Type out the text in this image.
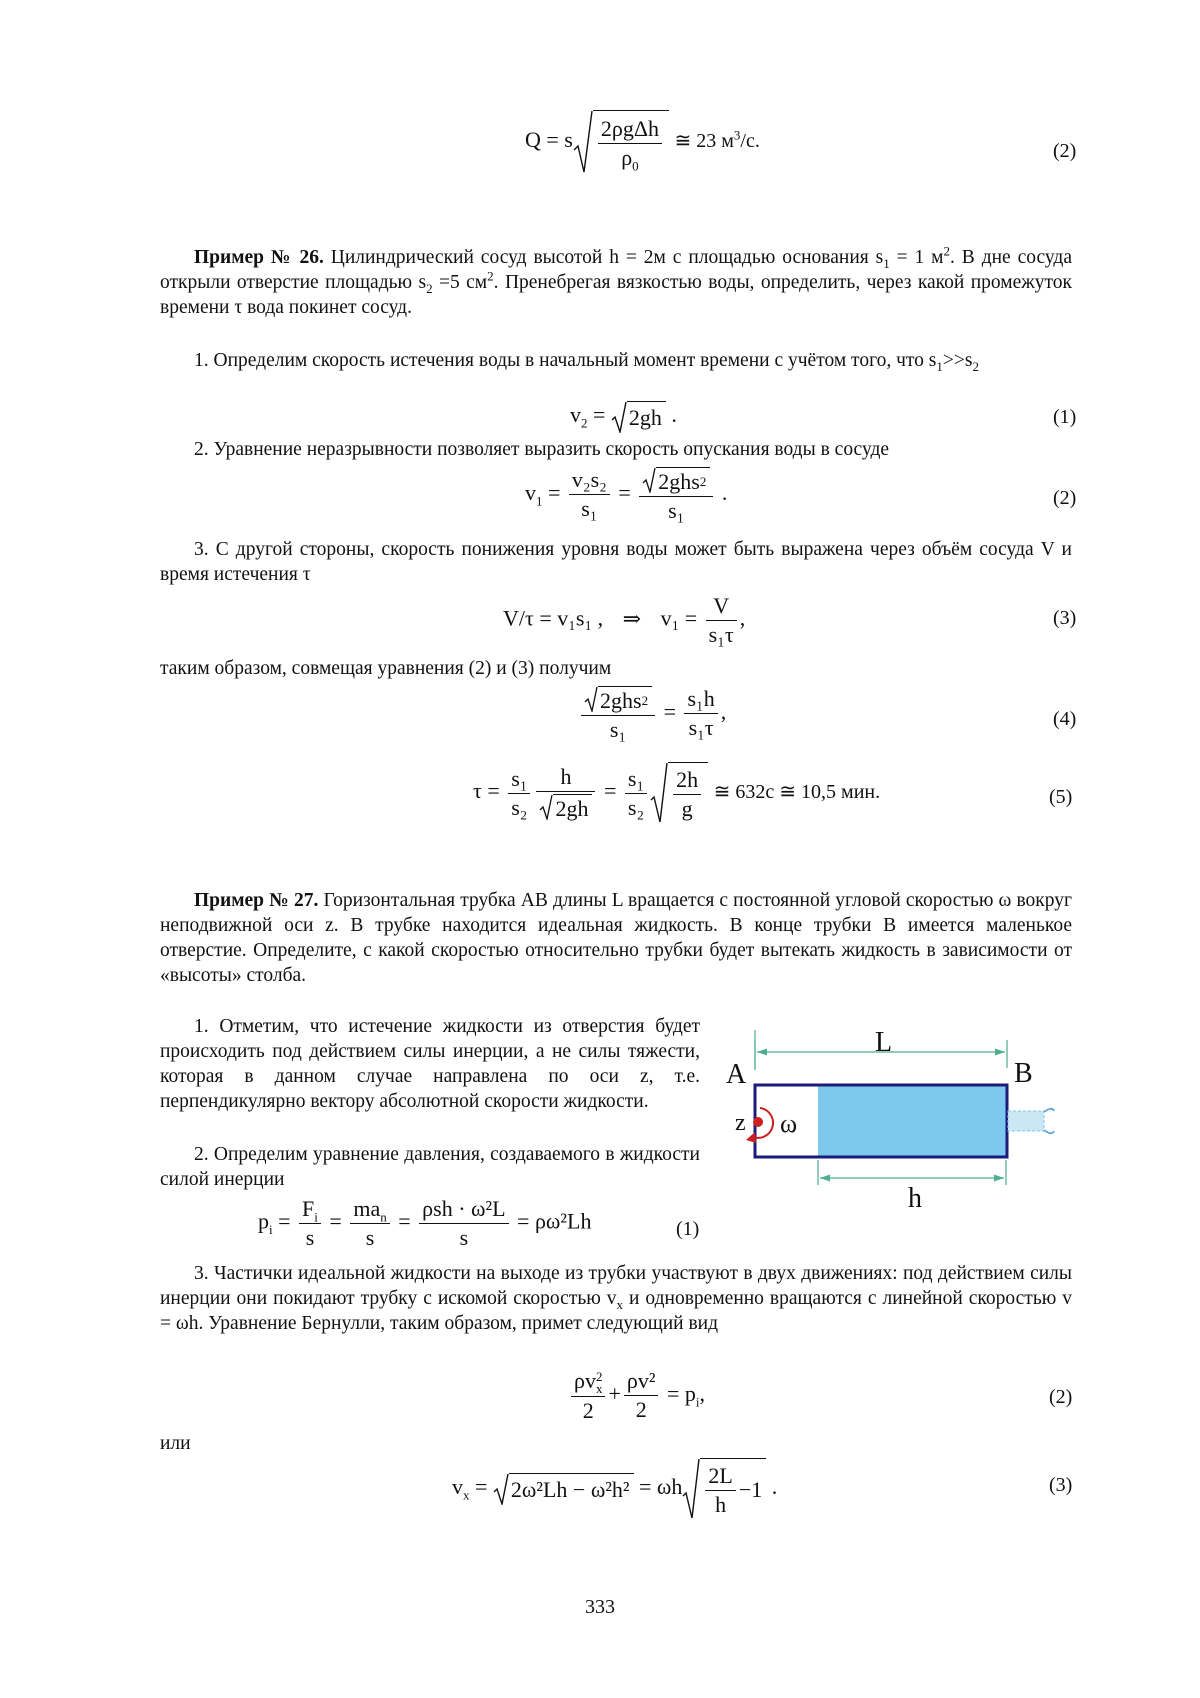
Q = s $\frac{\text{2ρgΔh}}{\rho_0}$ ≅ 23 $м^3/с$.	(2)
Пример № 26. Цилиндрический сосуд высотой h = 2м с площадью основания $s_1 = 1$ $м^2$. В дне сосуда открыли отверстие площадью $s_2 =5$ $см^2$. Пренебрегая вязкостью воды, определить, через какой промежуток времени τ вода покинет сосуд.
1. Определим скорость истечения воды в начальный момент времени с учётом того, что $s_1>>s_2$
$v_2 = 2gh$ .	(1)
2. Уравнение неразрывности позволяет выразить скорость опускания воды в сосуде
$v_1 = \frac{\text{v₂s₂}}{\text{s₁}} = \frac{\text{2ghs 2}}{\text{s₁}}$ .	(2)
3. С другой стороны, скорость понижения уровня воды может быть выражена через объём сосуда V и время истечения τ
V/τ = v₁s₁ , ⇒ $v_1 = \frac{V}{\text{s₁τ}}$ ,	(3)
таким образом, совмещая уравнения (2) и (3) получим
$\frac{\text{2ghs 2}}{\text{s₁}} = \frac{\text{s₁h}}{\text{s₁τ}}$ ,	(4)
$\tau = \frac{\text{s₁}}{\text{s₂}} \frac{h}{2gh} = \frac{\text{s₁}}{\text{s₂}} \frac{2h}{g}$ ≅ 632с ≅ 10,5 мин.	(5)
Пример № 27. Горизонтальная трубка AB длины L вращается с постоянной угловой скоростью ω вокруг неподвижной оси z. В трубке находится идеальная жидкость. В конце трубки B имеется маленькое отверстие. Определите, с какой скоростью относительно трубки будет вытекать жидкость в зависимости от «высоты» столба.
1. Отметим, что истечение жидкости из отверстия будет происходить под действием силы инерции, а не силы тяжести, которая в данном случае направлена по оси z, т.е. перпендикулярно вектору абсолютной скорости жидкости.
2. Определим уравнение давления, создаваемого в жидкости силой инерции
$p_i = \frac{F_i}{s} = \frac{ma_n}{s} = \frac{\text{ρsh · ω²L}}{s} = \rho\omega^2Lh$	(1)
L
A	B
z ω
h
3. Частички идеальной жидкости на выходе из трубки участвуют в двух движениях: под действием силы инерции они покидают трубку с искомой скоростью $v_x$ и одновременно вращаются с линейной скоростью v = ωh. Уравнение Бернулли, таким образом, примет следующий вид
ρv 2
x
$2 + \frac{\text{ρv²}}{2} = p_i$,	(2)
или
$v_x = 2\omega^2Lh - \omega^2h^2 = \omega h \frac{2L}{h} -1$ .	(3)
333
